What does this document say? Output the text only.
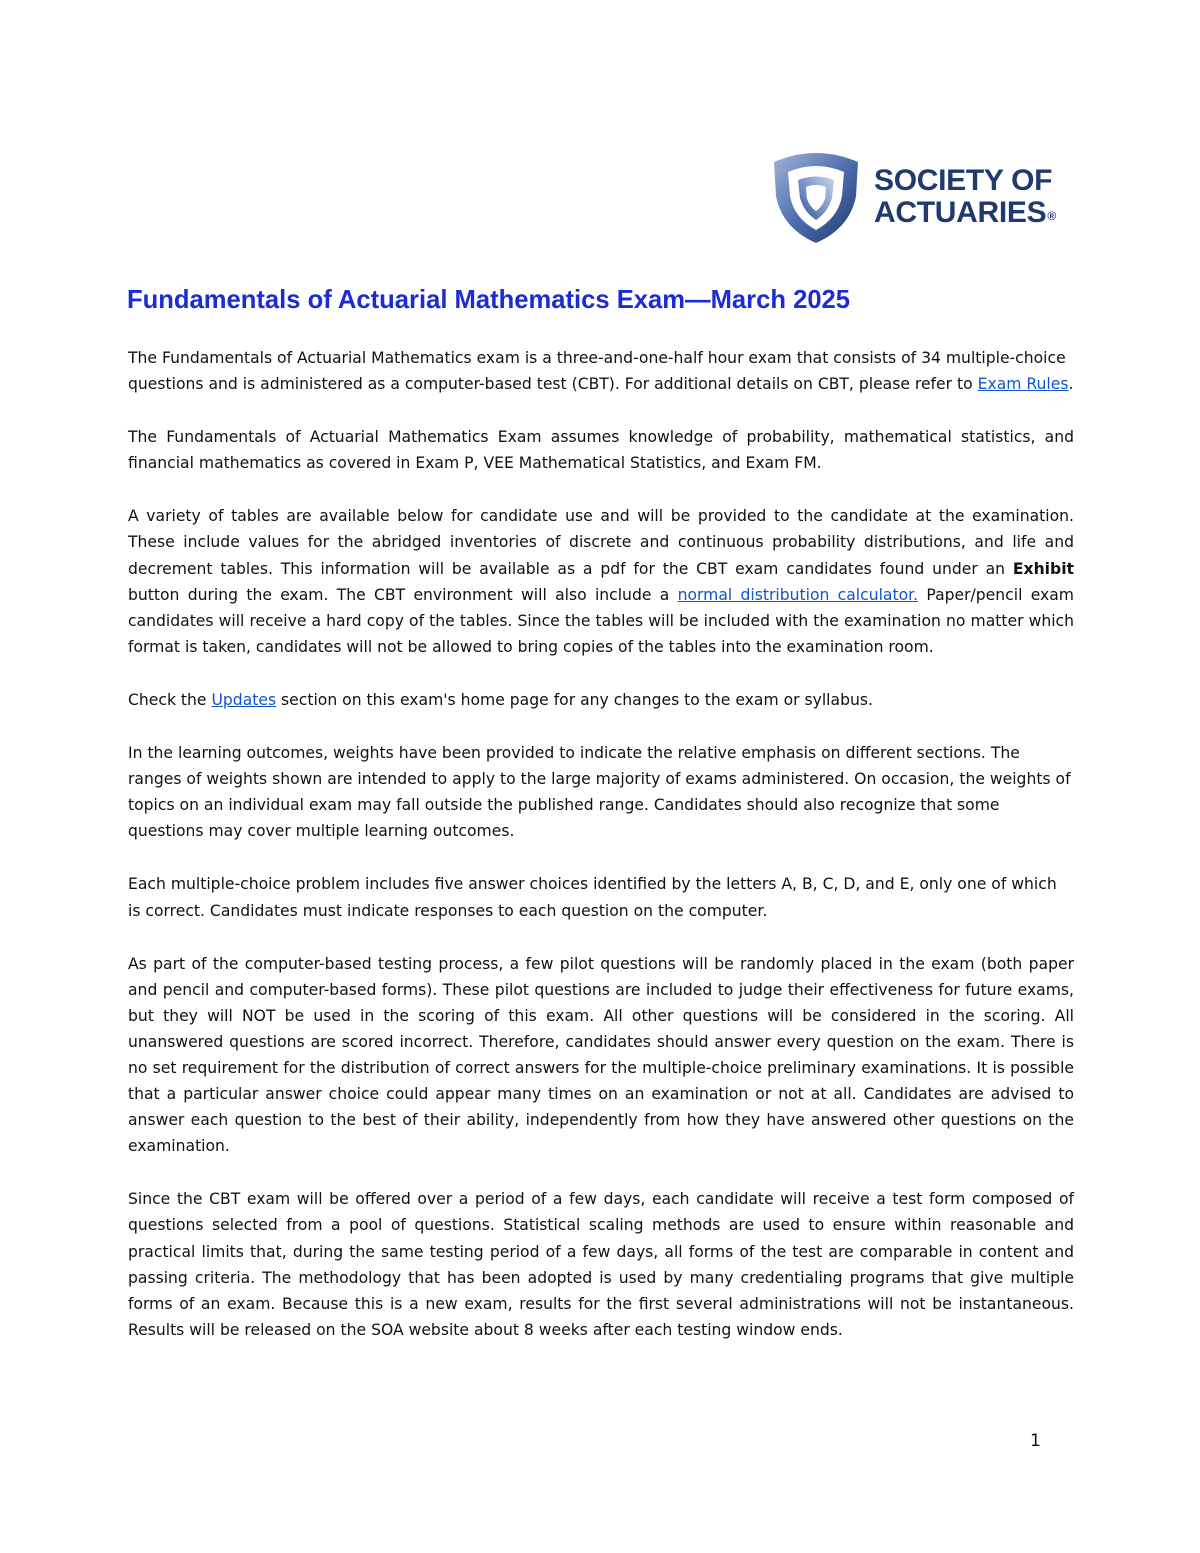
SOCIETY OF
ACTUARIES®
Fundamentals of Actuarial Mathematics Exam—March 2025

The Fundamentals of Actuarial Mathematics exam is a three-and-one-half hour exam that consists of 34 multiple-choice questions and is administered as a computer-based test (CBT). For additional details on CBT, please refer to Exam Rules.

The Fundamentals of Actuarial Mathematics Exam assumes knowledge of probability, mathematical statistics, and financial mathematics as covered in Exam P, VEE Mathematical Statistics, and Exam FM.

A variety of tables are available below for candidate use and will be provided to the candidate at the examination. These include values for the abridged inventories of discrete and continuous probability distributions, and life and decrement tables. This information will be available as a pdf for the CBT exam candidates found under an Exhibit button during the exam. The CBT environment will also include a normal distribution calculator. Paper/pencil exam candidates will receive a hard copy of the tables. Since the tables will be included with the examination no matter which format is taken, candidates will not be allowed to bring copies of the tables into the examination room.

Check the Updates section on this exam's home page for any changes to the exam or syllabus.

In the learning outcomes, weights have been provided to indicate the relative emphasis on different sections. The ranges of weights shown are intended to apply to the large majority of exams administered. On occasion, the weights of topics on an individual exam may fall outside the published range. Candidates should also recognize that some questions may cover multiple learning outcomes.

Each multiple-choice problem includes five answer choices identified by the letters A, B, C, D, and E, only one of which is correct. Candidates must indicate responses to each question on the computer.

As part of the computer-based testing process, a few pilot questions will be randomly placed in the exam (both paper and pencil and computer-based forms). These pilot questions are included to judge their effectiveness for future exams, but they will NOT be used in the scoring of this exam. All other questions will be considered in the scoring. All unanswered questions are scored incorrect. Therefore, candidates should answer every question on the exam. There is no set requirement for the distribution of correct answers for the multiple-choice preliminary examinations. It is possible that a particular answer choice could appear many times on an examination or not at all. Candidates are advised to answer each question to the best of their ability, independently from how they have answered other questions on the examination.

Since the CBT exam will be offered over a period of a few days, each candidate will receive a test form composed of questions selected from a pool of questions. Statistical scaling methods are used to ensure within reasonable and practical limits that, during the same testing period of a few days, all forms of the test are comparable in content and passing criteria. The methodology that has been adopted is used by many credentialing programs that give multiple forms of an exam. Because this is a new exam, results for the first several administrations will not be instantaneous. Results will be released on the SOA website about 8 weeks after each testing window ends.

1
